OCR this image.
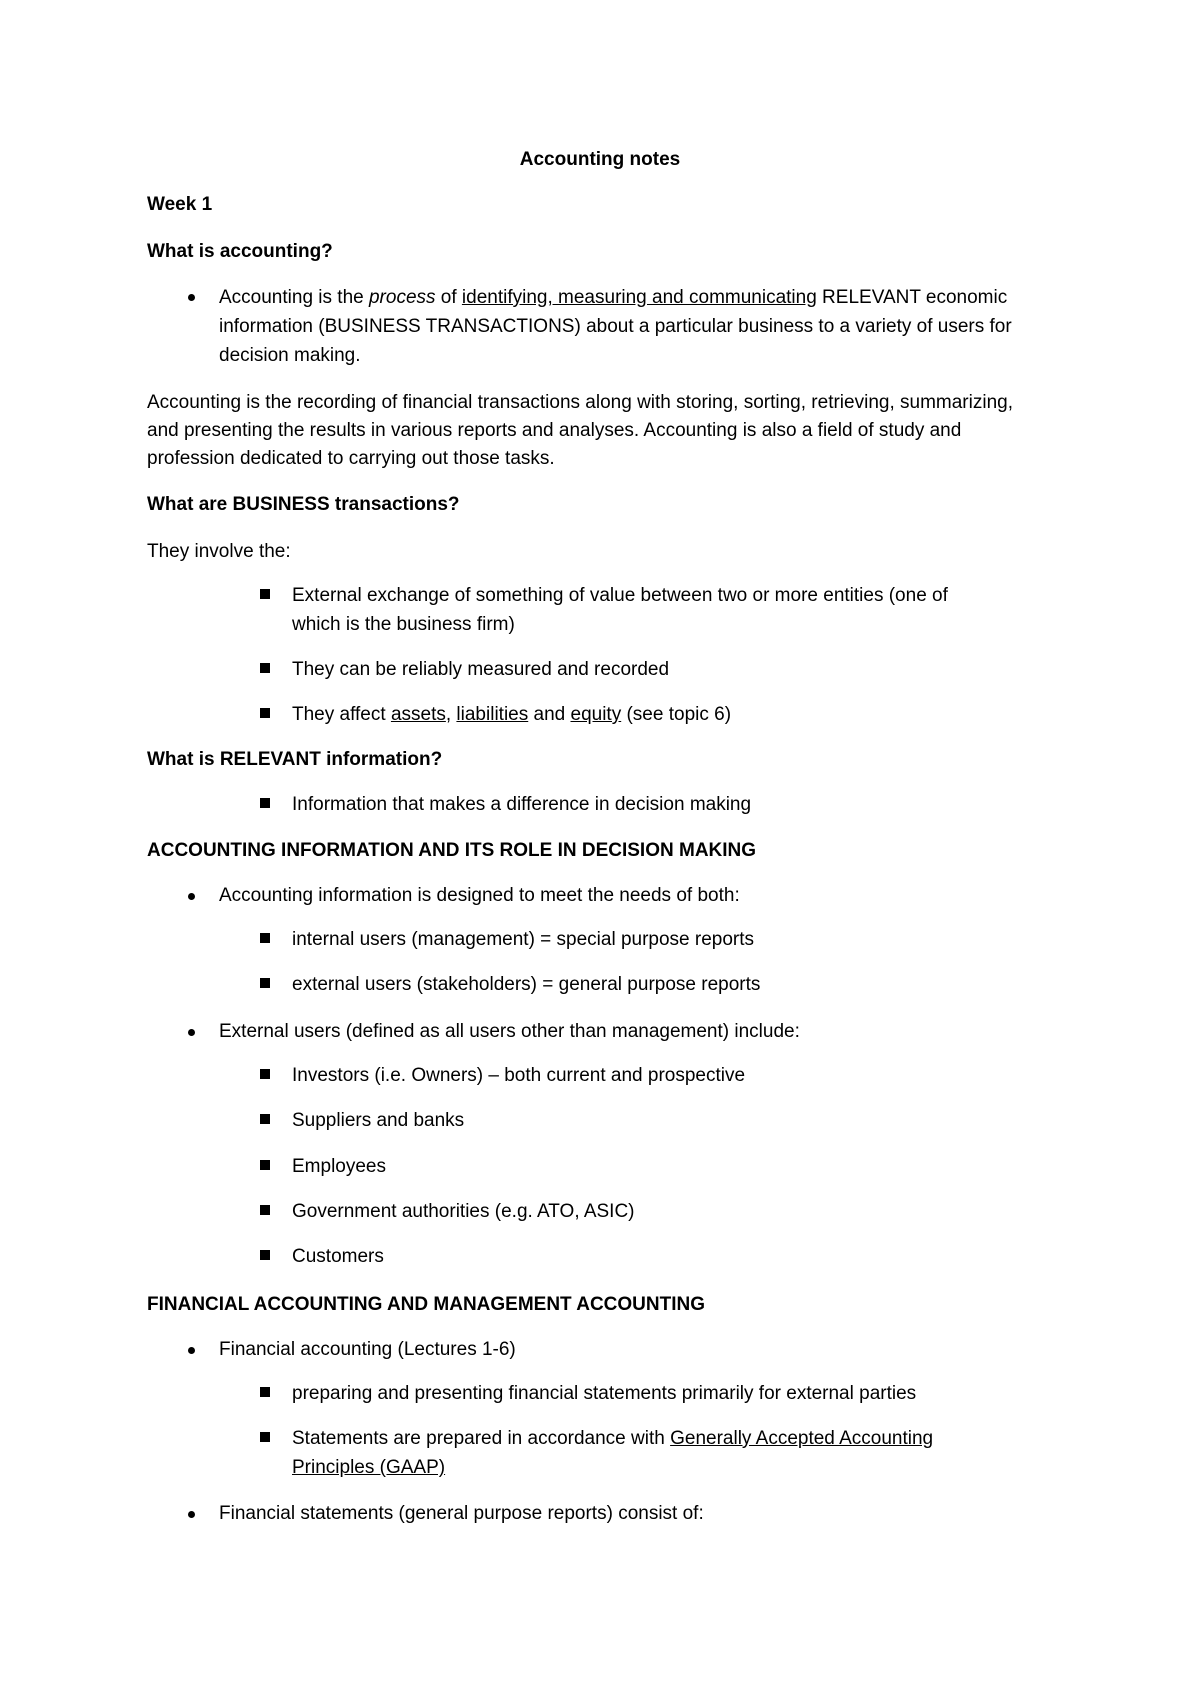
Accounting notes
Week 1
What is accounting?
Accounting is the process of identifying, measuring and communicating RELEVANT economic
information (BUSINESS TRANSACTIONS) about a particular business to a variety of users for
decision making.
Accounting is the recording of financial transactions along with storing, sorting, retrieving, summarizing,
and presenting the results in various reports and analyses. Accounting is also a field of study and
profession dedicated to carrying out those tasks.
What are BUSINESS transactions?
They involve the:
External exchange of something of value between two or more entities (one of
which is the business firm)
They can be reliably measured and recorded
They affect assets, liabilities and equity (see topic 6)
What is RELEVANT information?
Information that makes a difference in decision making
ACCOUNTING INFORMATION AND ITS ROLE IN DECISION MAKING
Accounting information is designed to meet the needs of both:
internal users (management) = special purpose reports
external users (stakeholders) = general purpose reports
External users (defined as all users other than management) include:
Investors (i.e. Owners) – both current and prospective
Suppliers and banks
Employees
Government authorities (e.g. ATO, ASIC)
Customers
FINANCIAL ACCOUNTING AND MANAGEMENT ACCOUNTING
Financial accounting (Lectures 1-6)
preparing and presenting financial statements primarily for external parties
Statements are prepared in accordance with Generally Accepted Accounting
Principles (GAAP)
Financial statements (general purpose reports) consist of:
